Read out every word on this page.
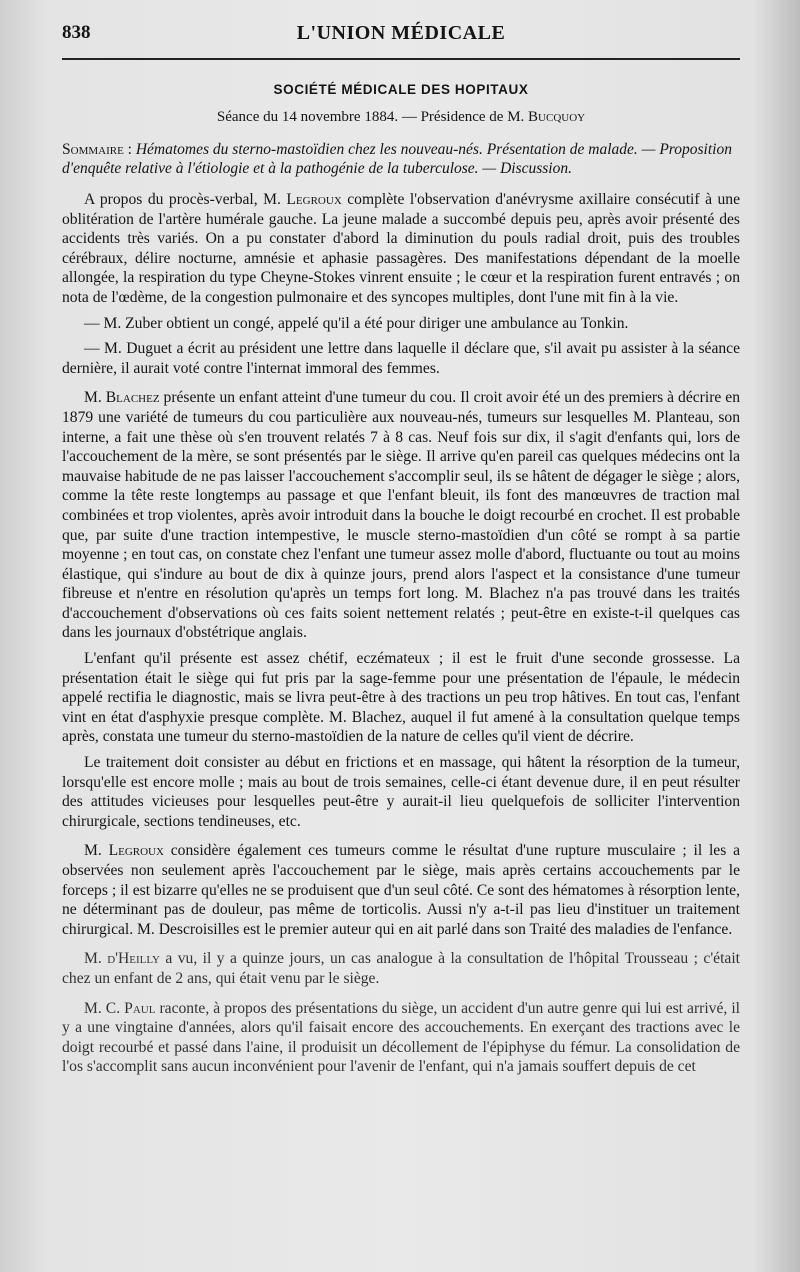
838	L'UNION MÉDICALE
SOCIÉTÉ MÉDICALE DES HOPITAUX
Séance du 14 novembre 1884. — Présidence de M. Bucquoy
Sommaire : Hématomes du sterno-mastoïdien chez les nouveau-nés. Présentation de malade. — Proposition d'enquête relative à l'étiologie et à la pathogénie de la tuberculose. — Discussion.

A propos du procès-verbal, M. Legroux complète l'observation d'anévrysme axillaire consécutif à une oblitération de l'artère humérale gauche. La jeune malade a succombé depuis peu, après avoir présenté des accidents très variés. On a pu constater d'abord la diminution du pouls radial droit, puis des troubles cérébraux, délire nocturne, amnésie et aphasie passagères. Des manifestations dépendant de la moelle allongée, la respiration du type Cheyne-Stokes vinrent ensuite ; le cœur et la respiration furent entravés ; on nota de l'œdème, de la congestion pulmonaire et des syncopes multiples, dont l'une mit fin à la vie.

— M. Zuber obtient un congé, appelé qu'il a été pour diriger une ambulance au Tonkin.

— M. Duguet a écrit au président une lettre dans laquelle il déclare que, s'il avait pu assister à la séance dernière, il aurait voté contre l'internat immoral des femmes.

M. Blachez présente un enfant atteint d'une tumeur du cou. Il croit avoir été un des premiers à décrire en 1879 une variété de tumeurs du cou particulière aux nouveau-nés, tumeurs sur lesquelles M. Planteau, son interne, a fait une thèse où s'en trouvent relatés 7 à 8 cas. Neuf fois sur dix, il s'agit d'enfants qui, lors de l'accouchement de la mère, se sont présentés par le siège. Il arrive qu'en pareil cas quelques médecins ont la mauvaise habitude de ne pas laisser l'accouchement s'accomplir seul, ils se hâtent de dégager le siège ; alors, comme la tête reste longtemps au passage et que l'enfant bleuit, ils font des manœuvres de traction mal combinées et trop violentes, après avoir introduit dans la bouche le doigt recourbé en crochet. Il est probable que, par suite d'une traction intempestive, le muscle sterno-mastoïdien d'un côté se rompt à sa partie moyenne ; en tout cas, on constate chez l'enfant une tumeur assez molle d'abord, fluctuante ou tout au moins élastique, qui s'indure au bout de dix à quinze jours, prend alors l'aspect et la consistance d'une tumeur fibreuse et n'entre en résolution qu'après un temps fort long. M. Blachez n'a pas trouvé dans les traités d'accouchement d'observations où ces faits soient nettement relatés ; peut-être en existe-t-il quelques cas dans les journaux d'obstétrique anglais.

L'enfant qu'il présente est assez chétif, eczémateux ; il est le fruit d'une seconde grossesse. La présentation était le siège qui fut pris par la sage-femme pour une présentation de l'épaule, le médecin appelé rectifia le diagnostic, mais se livra peut-être à des tractions un peu trop hâtives. En tout cas, l'enfant vint en état d'asphyxie presque complète. M. Blachez, auquel il fut amené à la consultation quelque temps après, constata une tumeur du sterno-mastoïdien de la nature de celles qu'il vient de décrire.

Le traitement doit consister au début en frictions et en massage, qui hâtent la résorption de la tumeur, lorsqu'elle est encore molle ; mais au bout de trois semaines, celle-ci étant devenue dure, il en peut résulter des attitudes vicieuses pour lesquelles peut-être y aurait-il lieu quelquefois de solliciter l'intervention chirurgicale, sections tendineuses, etc.

M. Legroux considère également ces tumeurs comme le résultat d'une rupture musculaire ; il les a observées non seulement après l'accouchement par le siège, mais après certains accouchements par le forceps ; il est bizarre qu'elles ne se produisent que d'un seul côté. Ce sont des hématomes à résorption lente, ne déterminant pas de douleur, pas même de torticolis. Aussi n'y a-t-il pas lieu d'instituer un traitement chirurgical. M. Descroisilles est le premier auteur qui en ait parlé dans son Traité des maladies de l'enfance.

M. d'Heilly a vu, il y a quinze jours, un cas analogue à la consultation de l'hôpital Trousseau ; c'était chez un enfant de 2 ans, qui était venu par le siège.

M. C. Paul raconte, à propos des présentations du siège, un accident d'un autre genre qui lui est arrivé, il y a une vingtaine d'années, alors qu'il faisait encore des accouchements. En exerçant des tractions avec le doigt recourbé et passé dans l'aine, il produisit un décollement de l'épiphyse du fémur. La consolidation de l'os s'accomplit sans aucun inconvénient pour l'avenir de l'enfant, qui n'a jamais souffert depuis de cet
